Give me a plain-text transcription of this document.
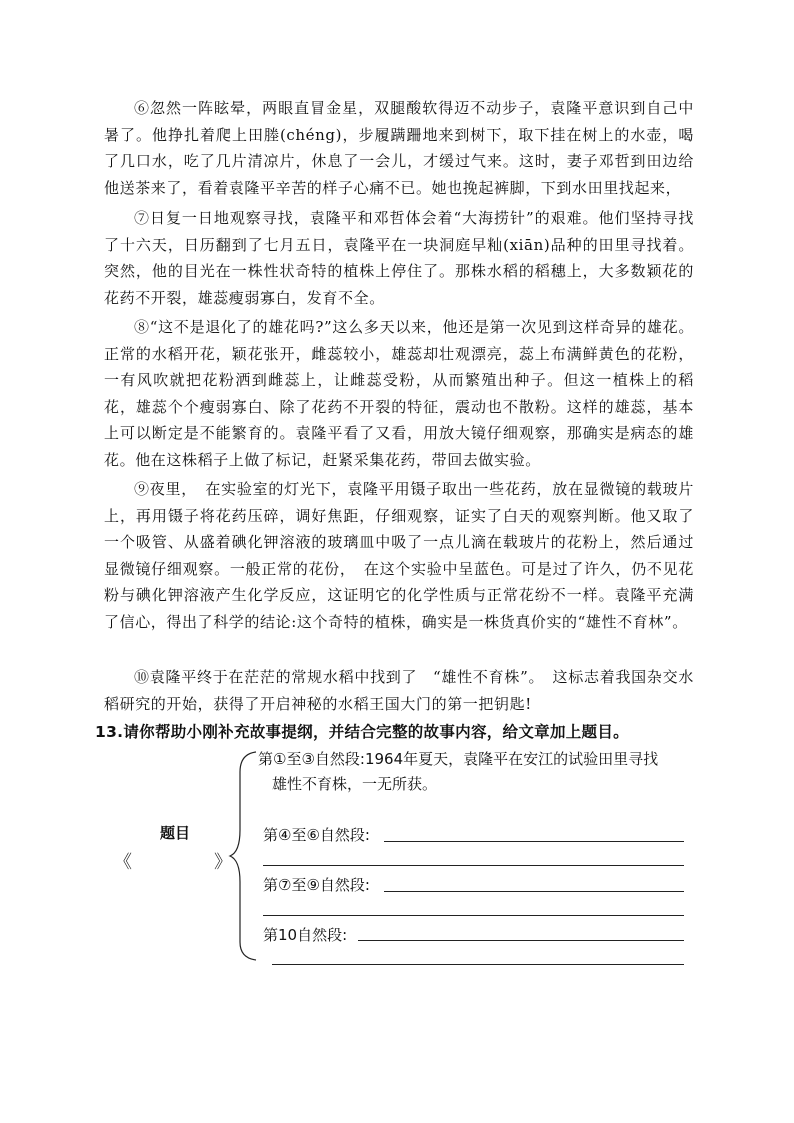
⑥忽然一阵眩晕，两眼直冒金星，双腿酸软得迈不动步子，袁隆平意识到自己中暑了。他挣扎着爬上田塍(chéng)，步履蹒跚地来到树下，取下挂在树上的水壶，喝了几口水，吃了几片清凉片，休息了一会儿，才缓过气来。这时，妻子邓哲到田边给他送茶来了，看着袁隆平辛苦的样子心痛不已。她也挽起裤脚，下到水田里找起来，

⑦日复一日地观察寻找，袁隆平和邓哲体会着“大海捞针”的艰难。他们坚持寻找了十六天，日历翻到了七月五日，袁隆平在一块洞庭早籼(xiān)品种的田里寻找着。突然，他的目光在一株性状奇特的植株上停住了。那株水稻的稻穗上，大多数颖花的花药不开裂，雄蕊瘦弱寡白，发育不全。

⑧“这不是退化了的雄花吗?”这么多天以来，他还是第一次见到这样奇异的雄花。正常的水稻开花，颖花张开，雌蕊较小，雄蕊却壮观漂亮，蕊上布满鲜黄色的花粉，一有风吹就把花粉洒到雌蕊上，让雌蕊受粉，从而繁殖出种子。但这一植株上的稻花，雄蕊个个瘦弱寡白、除了花药不开裂的特征，震动也不散粉。这样的雄蕊，基本上可以断定是不能繁育的。袁隆平看了又看，用放大镜仔细观察，那确实是病态的雄花。他在这株稻子上做了标记，赶紧采集花药，带回去做实验。

⑨夜里，　在实验室的灯光下，袁隆平用镊子取出一些花药，放在显微镜的载玻片上，再用镊子将花药压碎，调好焦距，仔细观察，证实了白天的观察判断。他又取了一个吸管、从盛着碘化钾溶液的玻璃皿中吸了一点儿滴在载玻片的花粉上，然后通过显微镜仔细观察。一般正常的花份，　在这个实验中呈蓝色。可是过了许久，仍不见花粉与碘化钾溶液产生化学反应，这证明它的化学性质与正常花纷不一样。袁隆平充满了信心，得出了科学的结论:这个奇特的植株，确实是一株货真价实的“雄性不育林”。

⑩袁隆平终于在茫茫的常规水稻中找到了　“雄性不育株”。　这标志着我国杂交水稻研究的开始，获得了开启神秘的水稻王国大门的第一把钥匙!

13.请你帮助小刚补充故事提纲，并结合完整的故事内容，给文章加上题目。

题目
《	》
第①至③自然段:1964年夏天，袁隆平在安江的试验田里寻找
雄性不育株，一无所获。
第④至⑥自然段:
第⑦至⑨自然段:
第10自然段:
